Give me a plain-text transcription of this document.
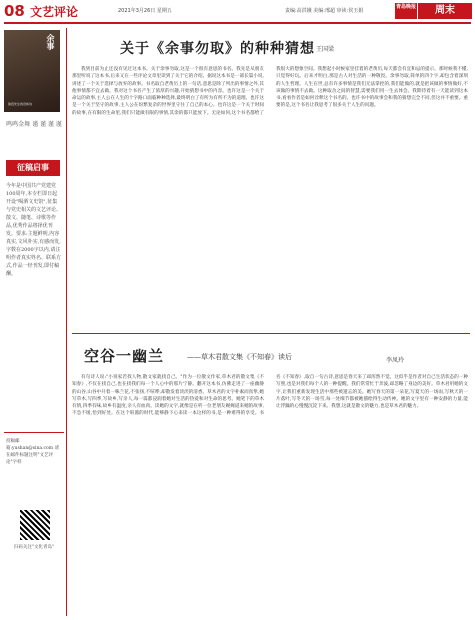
08 文艺评论	2021年3月26日 星期五	责编:高洪娥 美编:邢超 审读:侯玉娟
青岛晚报	周末
余事
鲁迅先生的旧体诗
鸣鸣金舞 谨 谨 谨 谨
征稿启事
今年是中国共产党建党100周年,本专栏即日起开设"喝洒文史馆",征集与党史相关的文艺评论、散文、随笔、诗歌等作品,优秀作品将择优刊发。要求:主题鲜明,内容真实,文风朴实,有感而发,字数在2000字以内,请注明作者真实姓名、联系方式,作品一经刊发,即付稿酬。
投稿邮箱:yushan@sina.com 请在邮件标题注明"文艺评论"字样
扫码关注"文化青岛"
关于《余事勿取》的种种猜想 王国梁
我到目前为止还没有见过这本书。关于余事勿取,这是一个很有意思的书名。我先是从朋友那里听说了这本书,后来又在一些评论文章里读到了关于它的介绍。据说这本书是一部长篇小说,讲述了一个关于选择与放弃的故事。书名取自老黄历上的一句话,意思是除了列出的事情之外,其他事情都不宜去做。我对这个书名产生了浓厚的兴趣,开始猜想书中的内容。也许这是一个关于命运的故事,主人公在人生的十字路口面临种种选择,最终明白了有所为有所不为的道理。也许这是一个关于坚守的故事,主人公在纷繁复杂的世界里守住了自己的本心。也许这是一个关于时间的故事,在有限的生命里,我们只能做有限的事情,其余的都只能放下。无论如何,这个书名都给了我很大的想象空间。我想起小时候家里挂着的老黄历,每天都会有宜和忌的提示。那时候我不懂,只觉得好玩。后来才明白,那是古人对生活的一种敬畏。余事勿取,简单的四个字,却包含着深刻的人生哲理。人生在世,总有许多事情是我们无法掌控的,我们能做的,就是把该做的事情做好,不该做的事情不去做。这种取舍之间的智慧,需要我们用一生去体会。我期待着有一天能读到这本书,看看作者是如何诠释这个书名的。也许书中的故事会和我的猜想完全不同,但这并不重要。重要的是,这个书名让我思考了很多关于人生的问题。
空谷一幽兰	——草木君散文集《不知春》读后	李凤玲
有句诗人说:"小说家若找人物,散文家就找自己。"作为一位散文作家,草木君的散文集《不知春》,不仅在找自己,也在找我们每一个人心中的那片宁静。翻开这本书,仿佛走进了一座幽静的山谷,山谷中开着一株兰花,不张扬,不喧哗,却散发着淡淡的清香。草木君的文字朴素而真挚,她写草木,写四季,写故乡,写亲人,每一篇都浸润着她对生活的热爱和对生命的思考。她笔下的草木有情,四季有味,故乡有温度,亲人有血肉。读她的文字,就像是在听一位老朋友娓娓道来她的故事,不急不缓,恰到好处。在这个喧嚣的时代,能够静下心来读一本这样的书,是一种难得的享受。书名《不知春》,取自一句古诗,意思是春天来了却浑然不觉。这似乎是作者对自己生活状态的一种写照,也是对我们每个人的一种提醒。我们常常忙于奔波,却忽略了身边的美好。草木君用她的文字,让我们重新发现生活中那些被遗忘的美。她写春天的第一朵花,写夏天的一场雨,写秋天的一片落叶,写冬天的一场雪,每一处细节都被她描绘得生动传神。她的文字里有一种安静的力量,能让浮躁的心慢慢沉淀下来。我想,这就是散文的魅力,也是草木君的魅力。
